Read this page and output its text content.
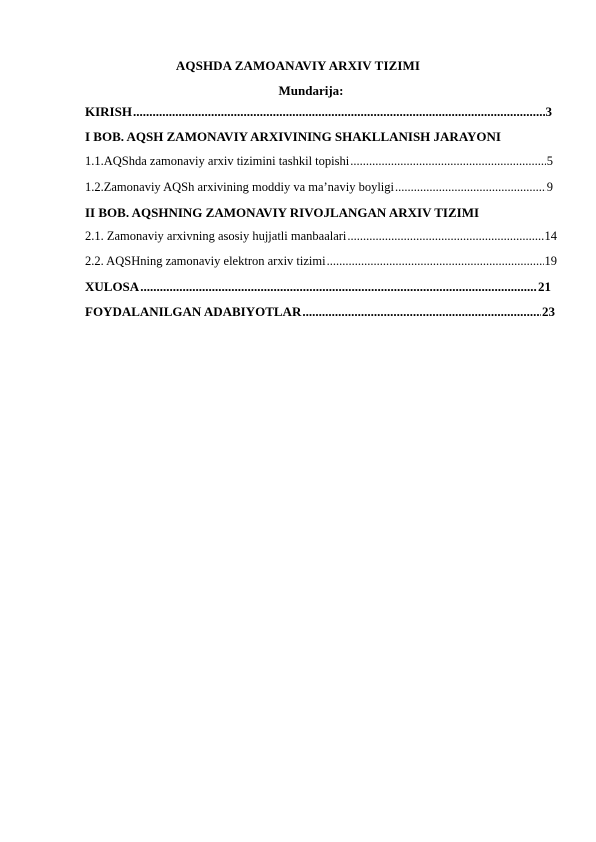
AQSHDA ZAMOANAVIY ARXIV TIZIMI
Mundarija:
KIRISH .....	3
I BOB. AQSH ZAMONAVIY ARXIVINING SHAKLLANISH JARAYONI
1.1. AQShda zamonaviy arxiv tizimini tashkil topishi .....	5
1.2. Zamonaviy AQSh arxivining moddiy va ma’naviy boyligi .....	9
II BOB. AQSHNING ZAMONAVIY RIVOJLANGAN ARXIV TIZIMI
2.1. Zamonaviy arxivning asosiy hujjatli manbaalari .....	14
2.2. AQSHning zamonaviy elektron arxiv tizimi .....	19
XULOSA .....	21
FOYDALANILGAN ADABIYOTLAR .....	23
